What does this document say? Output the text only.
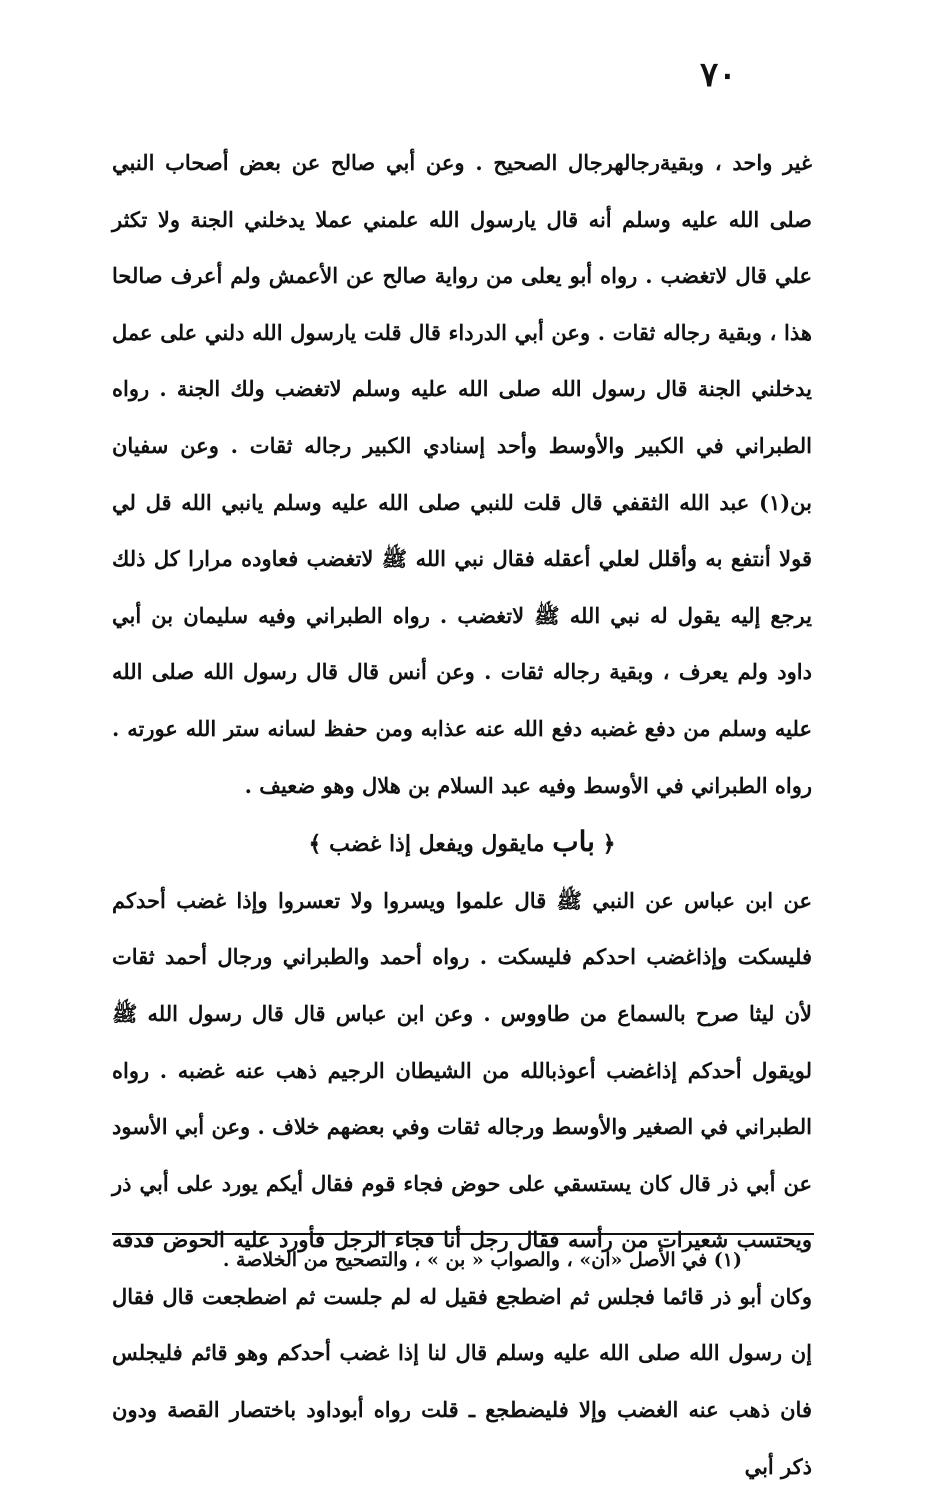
٧٠

غير واحد ، وبقيةرجالهرجال الصحيح . وعن أبي صالح عن بعض أصحاب النبي صلى الله عليه وسلم أنه قال يارسول الله علمني عملا يدخلني الجنة ولا تكثر علي قال لاتغضب . رواه أبو يعلى من رواية صالح عن الأعمش ولم أعرف صالحا هذا ، وبقية رجاله ثقات . وعن أبي الدرداء قال قلت يارسول الله دلني على عمل يدخلني الجنة قال رسول الله صلى الله عليه وسلم لاتغضب ولك الجنة . رواه الطبراني في الكبير والأوسط وأحد إسنادي الكبير رجاله ثقات . وعن سفيان بن(١) عبد الله الثقفي قال قلت للنبي صلى الله عليه وسلم يانبي الله قل لي قولا أنتفع به وأقلل لعلي أعقله فقال نبي الله ﷺ لاتغضب فعاوده مرارا كل ذلك يرجع إليه يقول له نبي الله ﷺ لاتغضب . رواه الطبراني وفيه سليمان بن أبي داود ولم يعرف ، وبقية رجاله ثقات . وعن أنس قال قال رسول الله صلى الله عليه وسلم من دفع غضبه دفع الله عنه عذابه ومن حفظ لسانه ستر الله عورته . رواه الطبراني في الأوسط وفيه عبد السلام بن هلال وهو ضعيف .

﴿ باب مايقول ويفعل إذا غضب ﴾

عن ابن عباس عن النبي ﷺ قال علموا ويسروا ولا تعسروا وإذا غضب أحدكم فليسكت وإذاغضب احدكم فليسكت . رواه أحمد والطبراني ورجال أحمد ثقات لأن ليثا صرح بالسماع من طاووس . وعن ابن عباس قال قال رسول الله ﷺ لويقول أحدكم إذاغضب أعوذبالله من الشيطان الرجيم ذهب عنه غضبه . رواه الطبراني في الصغير والأوسط ورجاله ثقات وفي بعضهم خلاف . وعن أبي الأسود عن أبي ذر قال كان يستسقي على حوض فجاء قوم فقال أيكم يورد على أبي ذر ويحتسب شعيرات من رأسه فقال رجل أنا فجاء الرجل فأورد عليه الحوض فدقه وكان أبو ذر قائما فجلس ثم اضطجع فقيل له لم جلست ثم اضطجعت قال فقال إن رسول الله صلى الله عليه وسلم قال لنا إذا غضب أحدكم وهو قائم فليجلس فان ذهب عنه الغضب وإلا فليضطجع ـ قلت رواه أبوداود باختصار القصة ودون ذكر أبي

(١) في الأصل «ان» ، والصواب « بن » ، والتصحيح من الخلاصة .
